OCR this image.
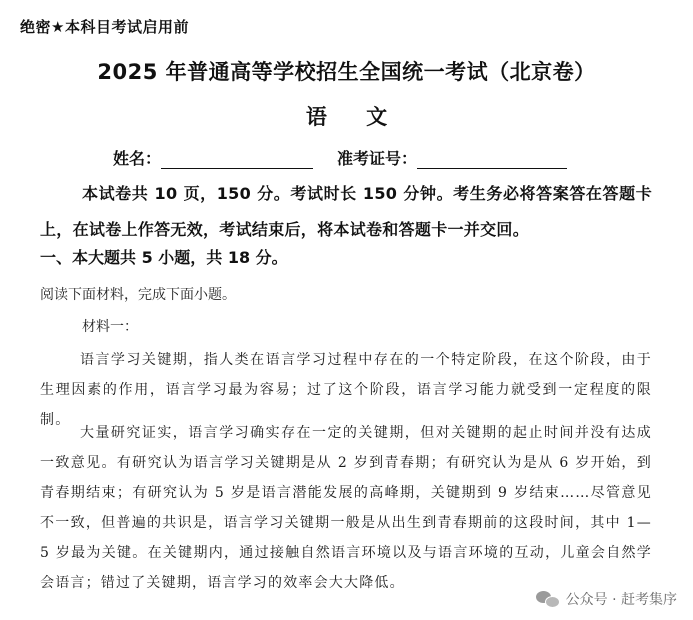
绝密★本科目考试启用前
2025 年普通高等学校招生全国统一考试（北京卷）
语 文
姓名：	准考证号：
本试卷共 10 页，150 分。考试时长 150 分钟。考生务必将答案答在答题卡上，在试卷上作答无效，考试结束后，将本试卷和答题卡一并交回。
一、本大题共 5 小题，共 18 分。
阅读下面材料，完成下面小题。
材料一：

语言学习关键期，指人类在语言学习过程中存在的一个特定阶段，在这个阶段，由于生理因素的作用，语言学习最为容易；过了这个阶段，语言学习能力就受到一定程度的限制。

大量研究证实，语言学习确实存在一定的关键期，但对关键期的起止时间并没有达成一致意见。有研究认为语言学习关键期是从 2 岁到青春期；有研究认为是从 6 岁开始，到青春期结束；有研究认为 5 岁是语言潜能发展的高峰期，关键期到 9 岁结束……尽管意见不一致，但普遍的共识是，语言学习关键期一般是从出生到青春期前的这段时间，其中 1—5 岁最为关键。在关键期内，通过接触自然语言环境以及与语言环境的互动，儿童会自然学会语言；错过了关键期，语言学习的效率会大大降低。

公众号 · 赶考集序
